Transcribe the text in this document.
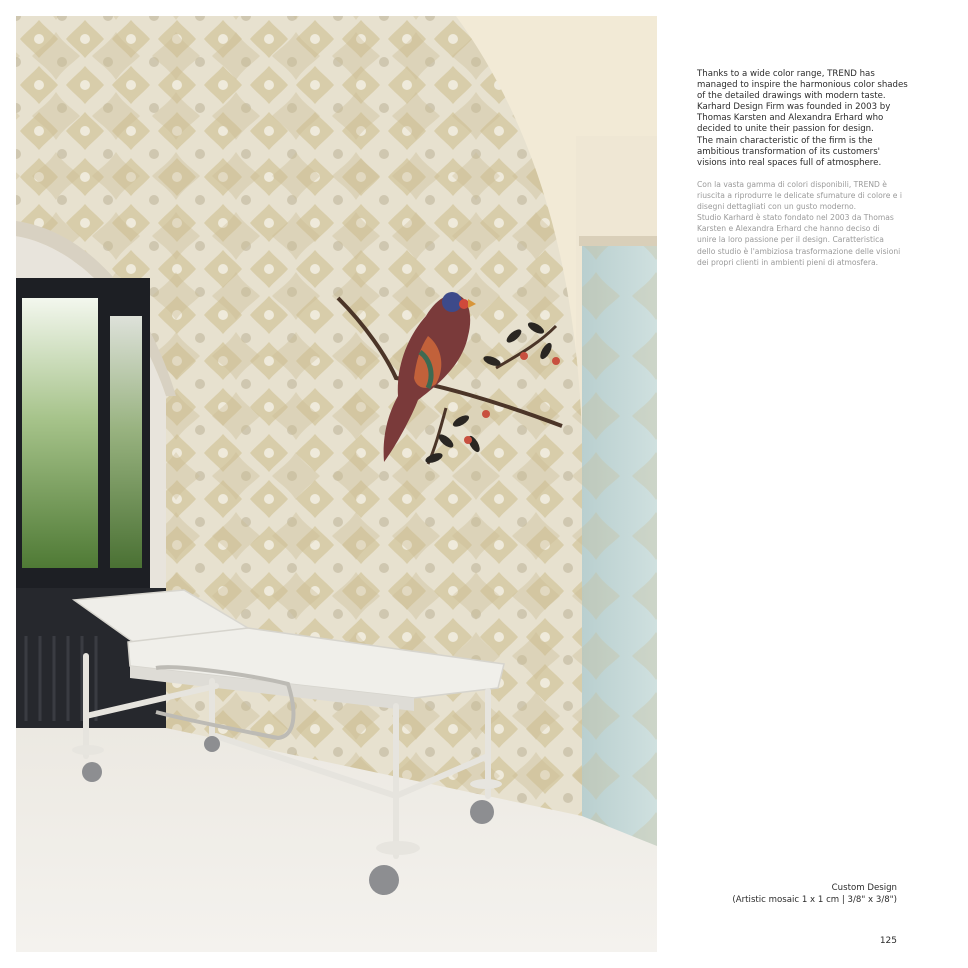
Thanks to a wide color range, TREND has
managed to inspire the harmonious color shades
of the detailed drawings with modern taste.
Karhard Design Firm was founded in 2003 by
Thomas Karsten and Alexandra Erhard who
decided to unite their passion for design.
The main characteristic of the firm is the
ambitious transformation of its customers'
visions into real spaces full of atmosphere.
Con la vasta gamma di colori disponibili, TREND è
riuscita a riprodurre le delicate sfumature di colore e i
disegni dettagliati con un gusto moderno.
Studio Karhard è stato fondato nel 2003 da Thomas
Karsten e Alexandra Erhard che hanno deciso di
unire la loro passione per il design. Caratteristica
dello studio è l'ambiziosa trasformazione delle visioni
dei propri clienti in ambienti pieni di atmosfera.
Custom Design
(Artistic mosaic 1 x 1 cm | 3/8" x 3/8")
125
